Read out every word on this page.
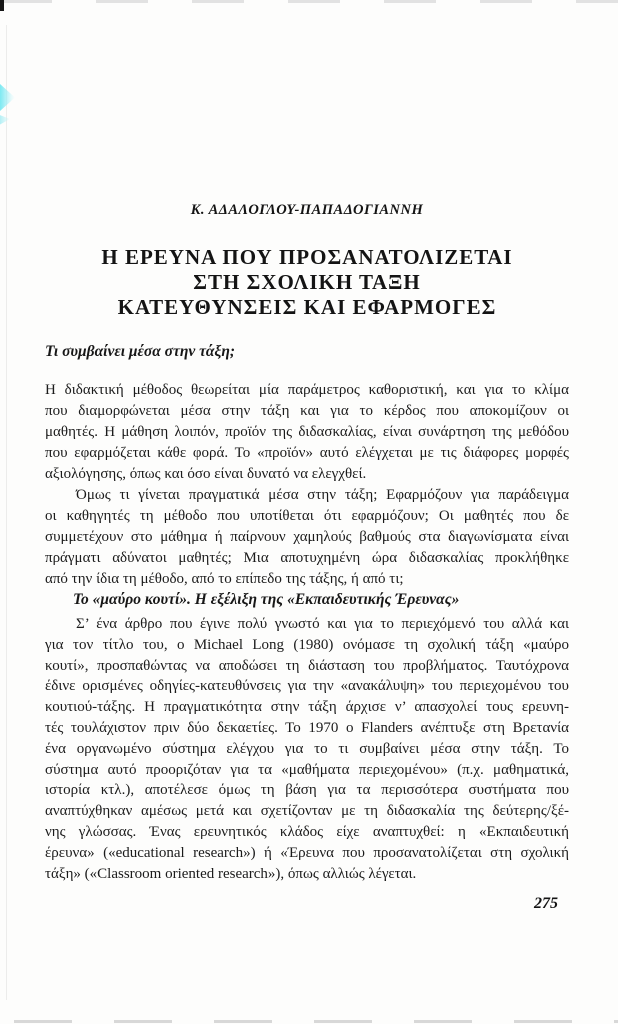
Κ. ΑΔΑΛΟΓΛΟΥ-ΠΑΠΑΔΟΓΙΑΝΝΗ
Η ΕΡΕΥΝΑ ΠΟΥ ΠΡΟΣΑΝΑΤΟΛΙΖΕΤΑΙ
ΣΤΗ ΣΧΟΛΙΚΗ ΤΑΞΗ
ΚΑΤΕΥΘΥΝΣΕΙΣ ΚΑΙ ΕΦΑΡΜΟΓΕΣ
Τι συμβαίνει μέσα στην τάξη;
Η διδακτική μέθοδος θεωρείται μία παράμετρος καθοριστική, και για το κλίμα
που διαμορφώνεται μέσα στην τάξη και για το κέρδος που αποκομίζουν οι
μαθητές. Η μάθηση λοιπόν, προϊόν της διδασκαλίας, είναι συνάρτηση της μεθόδου
που εφαρμόζεται κάθε φορά. Το «προϊόν» αυτό ελέγχεται με τις διάφορες μορφές
αξιολόγησης, όπως και όσο είναι δυνατό να ελεγχθεί.
Όμως τι γίνεται πραγματικά μέσα στην τάξη; Εφαρμόζουν για παράδειγμα
οι καθηγητές τη μέθοδο που υποτίθεται ότι εφαρμόζουν; Οι μαθητές που δε
συμμετέχουν στο μάθημα ή παίρνουν χαμηλούς βαθμούς στα διαγωνίσματα είναι
πράγματι αδύνατοι μαθητές; Μια αποτυχημένη ώρα διδασκαλίας προκλήθηκε
από την ίδια τη μέθοδο, από το επίπεδο της τάξης, ή από τι;
Το «μαύρο κουτί». Η εξέλιξη της «Εκπαιδευτικής Έρευνας»
Σ’ ένα άρθρο που έγινε πολύ γνωστό και για το περιεχόμενό του αλλά και
για τον τίτλο του, ο Michael Long (1980) ονόμασε τη σχολική τάξη «μαύρο
κουτί», προσπαθώντας να αποδώσει τη διάσταση του προβλήματος. Ταυτόχρονα
έδινε ορισμένες οδηγίες-κατευθύνσεις για την «ανακάλυψη» του περιεχομένου του
κουτιού-τάξης. Η πραγματικότητα στην τάξη άρχισε ν’ απασχολεί τους ερευνη-
τές τουλάχιστον πριν δύο δεκαετίες. Το 1970 ο Flanders ανέπτυξε στη Βρετανία
ένα οργανωμένο σύστημα ελέγχου για το τι συμβαίνει μέσα στην τάξη. Το
σύστημα αυτό προοριζόταν για τα «μαθήματα περιεχομένου» (π.χ. μαθηματικά,
ιστορία κτλ.), αποτέλεσε όμως τη βάση για τα περισσότερα συστήματα που
αναπτύχθηκαν αμέσως μετά και σχετίζονταν με τη διδασκαλία της δεύτερης/ξέ-
νης γλώσσας. Ένας ερευνητικός κλάδος είχε αναπτυχθεί: η «Εκπαιδευτική
έρευνα» («educational research») ή «Έρευνα που προσανατολίζεται στη σχολική
τάξη» («Classroom oriented research»), όπως αλλιώς λέγεται.
275
